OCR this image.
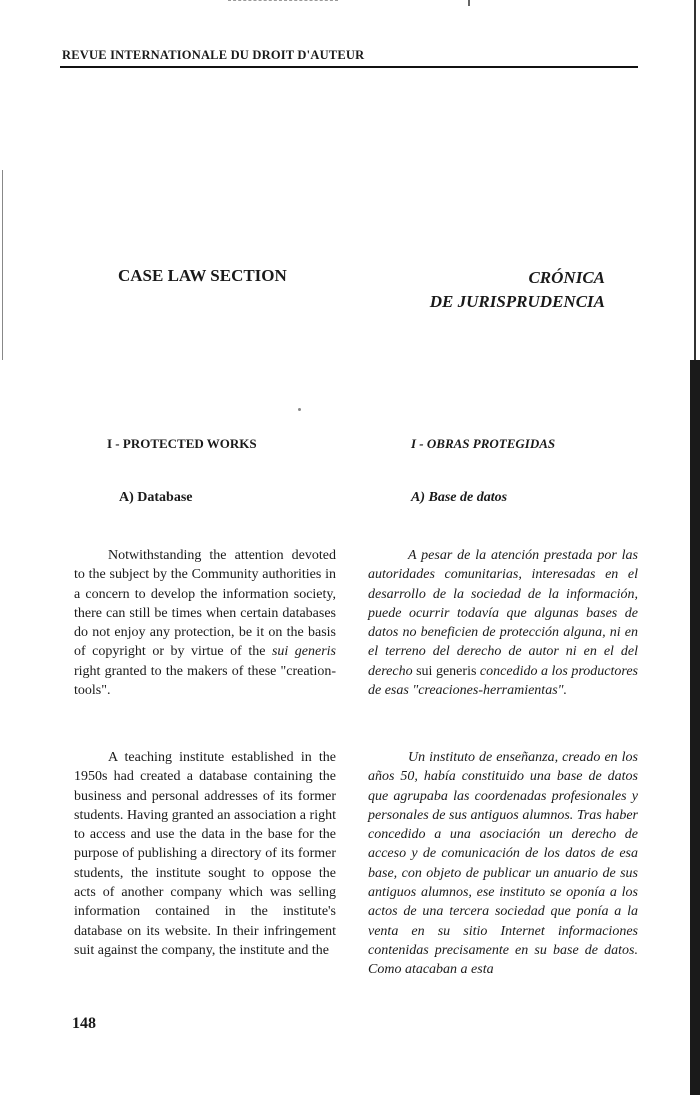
REVUE INTERNATIONALE DU DROIT D'AUTEUR
CASE LAW SECTION	CRÓNICA
DE JURISPRUDENCIA
I - PROTECTED WORKS	I - OBRAS PROTEGIDAS
A) Database	A) Base de datos

Notwithstanding the attention devoted to the subject by the Community authorities in a concern to develop the information society, there can still be times when certain databases do not enjoy any protection, be it on the basis of copyright or by virtue of the sui generis right granted to the makers of these "creation-tools".

A pesar de la atención prestada por las autoridades comunitarias, interesadas en el desarrollo de la sociedad de la información, puede ocurrir todavía que algunas bases de datos no beneficien de protección alguna, ni en el terreno del derecho de autor ni en el del derecho sui generis concedido a los productores de esas "creaciones-herramientas".

A teaching institute established in the 1950s had created a database containing the business and personal addresses of its former students. Having granted an association a right to access and use the data in the base for the purpose of publishing a directory of its former students, the institute sought to oppose the acts of another company which was selling information contained in the institute's database on its website. In their infringement suit against the company, the institute and the

Un instituto de enseñanza, creado en los años 50, había constituido una base de datos que agrupaba las coordenadas profesionales y personales de sus antiguos alumnos. Tras haber concedido a una asociación un derecho de acceso y de comunicación de los datos de esa base, con objeto de publicar un anuario de sus antiguos alumnos, ese instituto se oponía a los actos de una tercera sociedad que ponía a la venta en su sitio Internet informaciones contenidas precisamente en su base de datos. Como atacaban a esta

148
